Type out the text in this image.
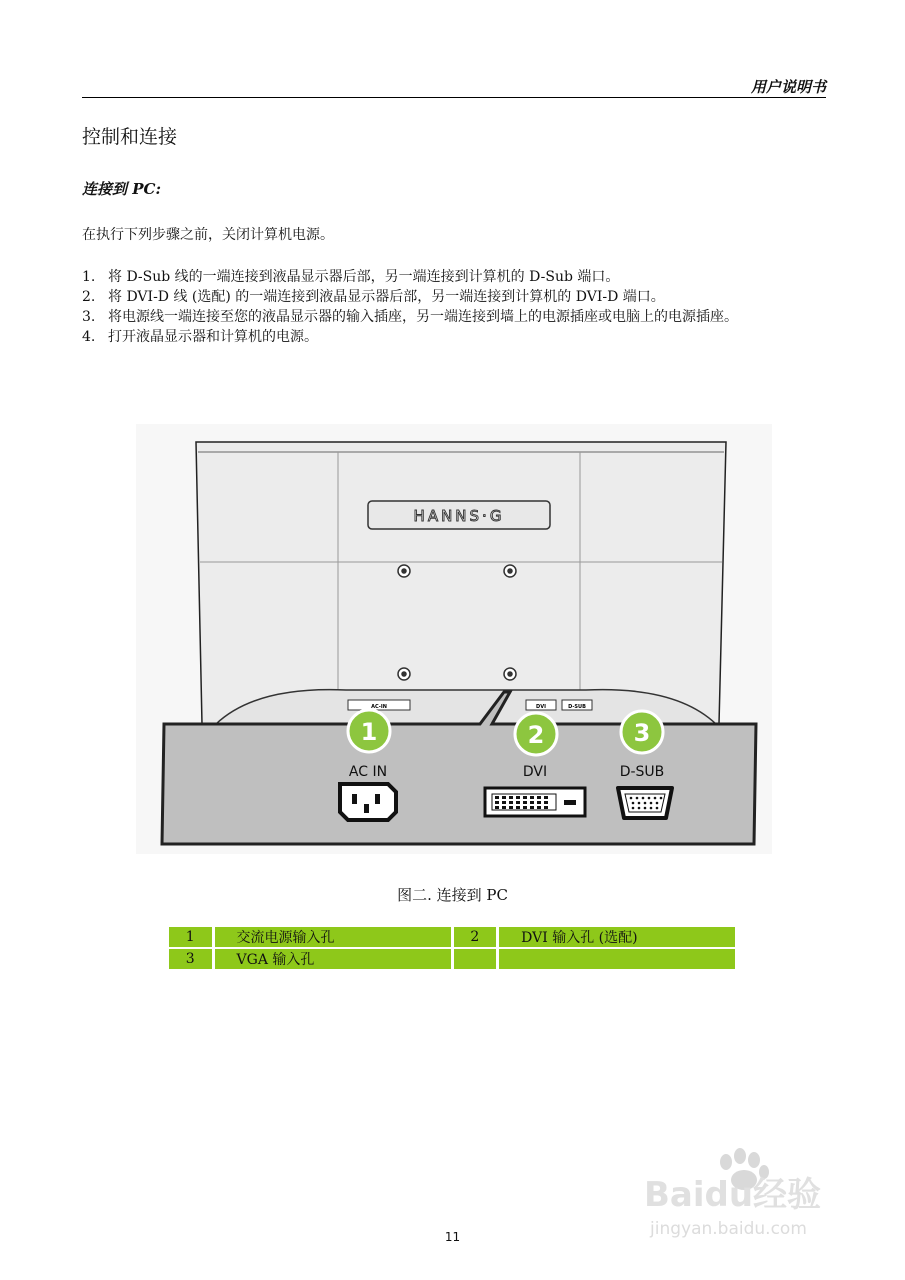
用户说明书
控制和连接
连接到 PC:
在执行下列步骤之前，关闭计算机电源。
1. 将 D-Sub 线的一端连接到液晶显示器后部，另一端连接到计算机的 D-Sub 端口。
2. 将 DVI-D 线 (选配) 的一端连接到液晶显示器后部，另一端连接到计算机的 DVI-D 端口。
3. 将电源线一端连接至您的液晶显示器的输入插座，另一端连接到墙上的电源插座或电脑上的电源插座。
4. 打开液晶显示器和计算机的电源。
HANNS·G
AC-IN	DVI	D-SUB
1	2	3
AC IN	DVI	D-SUB
图二. 连接到 PC
1	交流电源输入孔	2	DVI 输入孔 (选配)
3	VGA 输入孔		
Baidu经验
jingyan.baidu.com
11
